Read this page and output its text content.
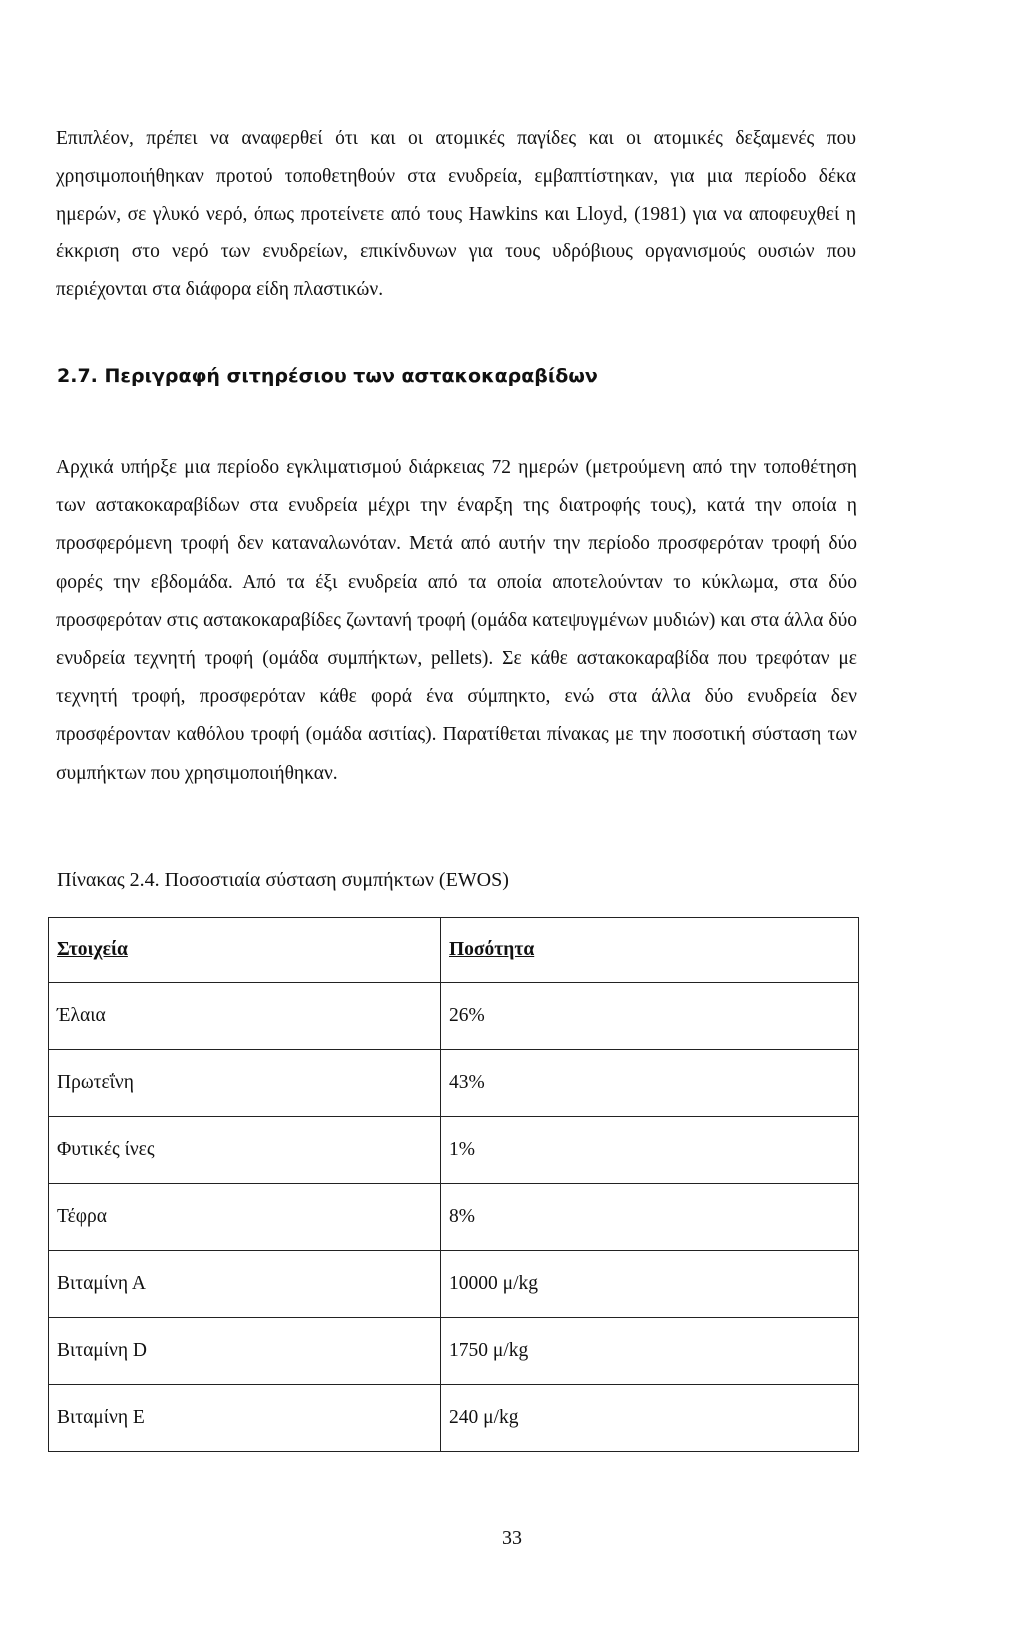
Επιπλέον, πρέπει να αναφερθεί ότι και οι ατομικές παγίδες και οι ατομικές δεξαμενές που χρησιμοποιήθηκαν προτού τοποθετηθούν στα ενυδρεία, εμβαπτίστηκαν, για μια περίοδο δέκα ημερών, σε γλυκό νερό, όπως προτείνετε από τους Hawkins και Lloyd, (1981) για να αποφευχθεί η έκκριση στο νερό των ενυδρείων, επικίνδυνων για τους υδρόβιους οργανισμούς ουσιών που περιέχονται στα διάφορα είδη πλαστικών.

2.7. Περιγραφή σιτηρέσιου των αστακοκαραβίδων

Αρχικά υπήρξε μια περίοδο εγκλιματισμού διάρκειας 72 ημερών (μετρούμενη από την τοποθέτηση των αστακοκαραβίδων στα ενυδρεία μέχρι την έναρξη της διατροφής τους), κατά την οποία η προσφερόμενη τροφή δεν καταναλωνόταν. Μετά από αυτήν την περίοδο προσφερόταν τροφή δύο φορές την εβδομάδα. Από τα έξι ενυδρεία από τα οποία αποτελούνταν το κύκλωμα, στα δύο προσφερόταν στις αστακοκαραβίδες ζωντανή τροφή (ομάδα κατεψυγμένων μυδιών) και στα άλλα δύο ενυδρεία τεχνητή τροφή (ομάδα συμπήκτων, pellets). Σε κάθε αστακοκαραβίδα που τρεφόταν με τεχνητή τροφή, προσφερόταν κάθε φορά ένα σύμπηκτο, ενώ στα άλλα δύο ενυδρεία δεν προσφέρονταν καθόλου τροφή (ομάδα ασιτίας). Παρατίθεται πίνακας με την ποσοτική σύσταση των συμπήκτων που χρησιμοποιήθηκαν.

Πίνακας 2.4. Ποσοστιαία σύσταση συμπήκτων (EWOS)

Στοιχεία	Ποσότητα
Έλαια	26%
Πρωτεΐνη	43%
Φυτικές ίνες	1%
Τέφρα	8%
Βιταμίνη Α	10000 μ/kg
Βιταμίνη D	1750 μ/kg
Βιταμίνη Ε	240 μ/kg

33
